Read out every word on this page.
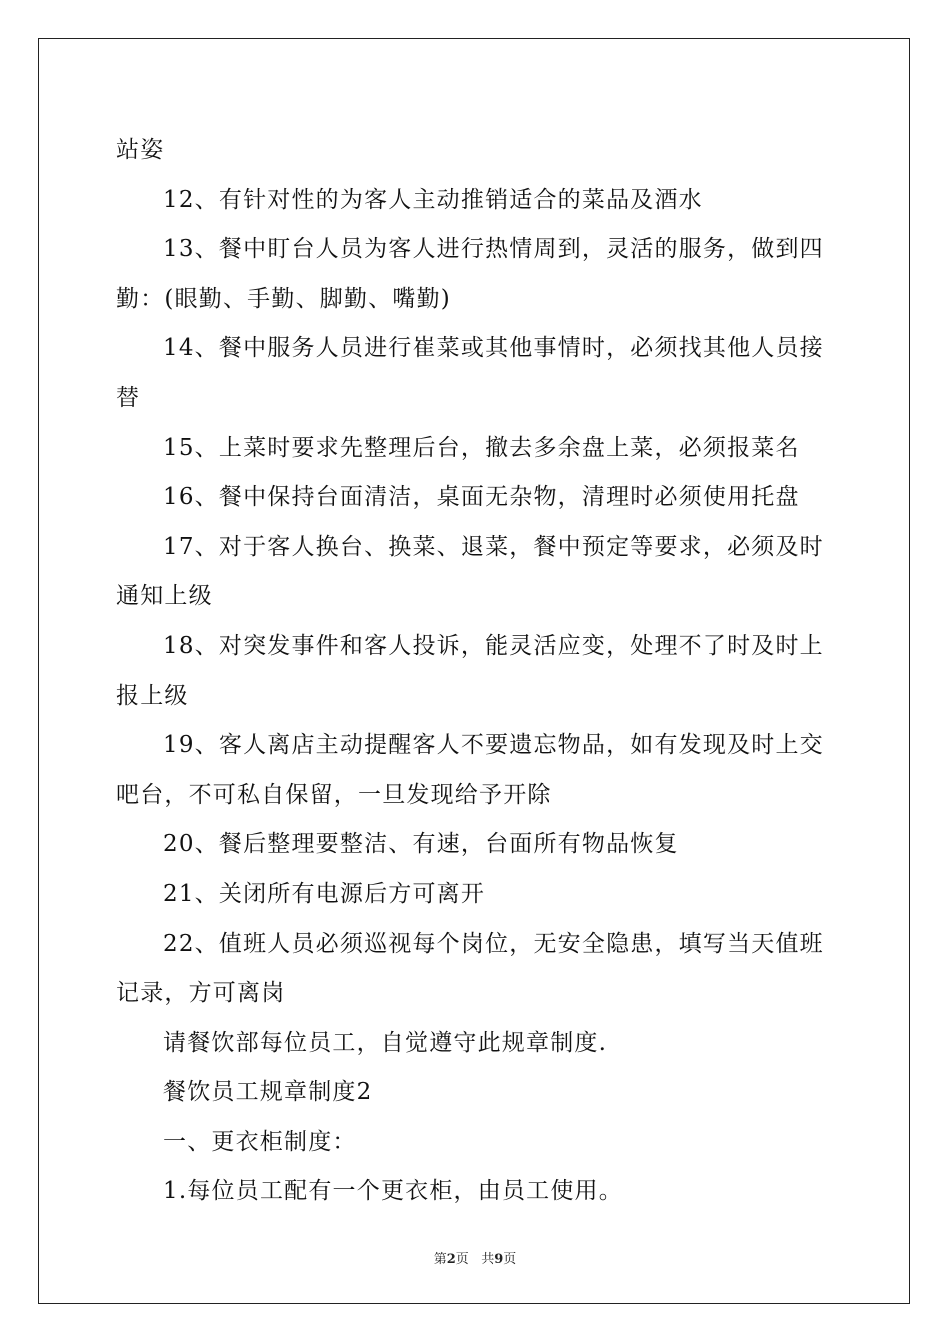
站姿

12、有针对性的为客人主动推销适合的菜品及酒水

13、餐中盯台人员为客人进行热情周到，灵活的服务，做到四勤：(眼勤、手勤、脚勤、嘴勤)

14、餐中服务人员进行崔菜或其他事情时，必须找其他人员接替

15、上菜时要求先整理后台，撤去多余盘上菜，必须报菜名

16、餐中保持台面清洁，桌面无杂物，清理时必须使用托盘

17、对于客人换台、换菜、退菜，餐中预定等要求，必须及时通知上级

18、对突发事件和客人投诉，能灵活应变，处理不了时及时上报上级

19、客人离店主动提醒客人不要遗忘物品，如有发现及时上交吧台，不可私自保留，一旦发现给予开除

20、餐后整理要整洁、有速，台面所有物品恢复

21、关闭所有电源后方可离开

22、值班人员必须巡视每个岗位，无安全隐患，填写当天值班记录，方可离岗

请餐饮部每位员工，自觉遵守此规章制度.

餐饮员工规章制度2

一、更衣柜制度：

1.每位员工配有一个更衣柜，由员工使用。

第2页 共9页
